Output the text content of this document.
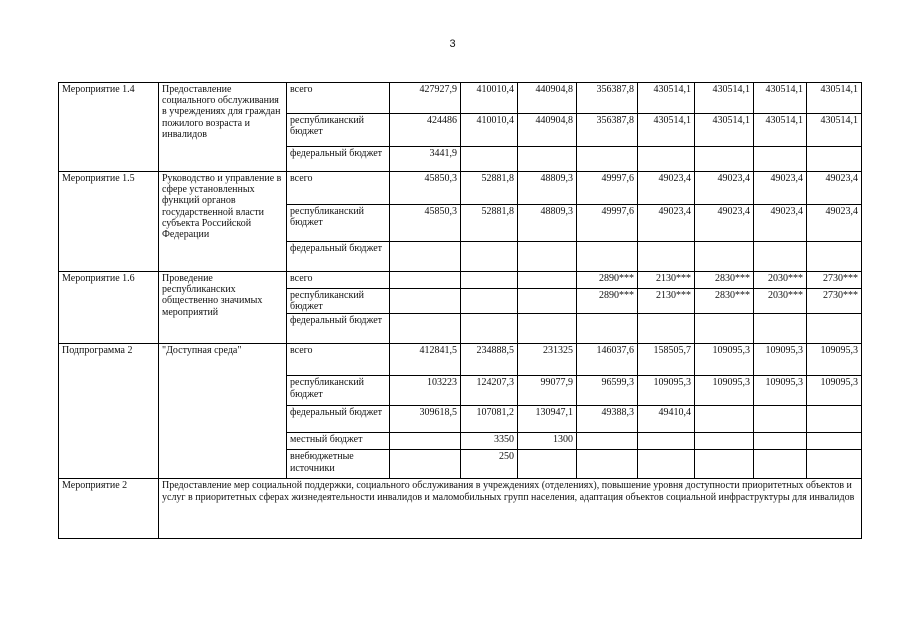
3
Мероприятие 1.4	Предоставление социального обслуживания в учреждениях для граждан пожилого возраста и инвалидов	всего	427927,9	410010,4	440904,8	356387,8	430514,1	430514,1	430514,1	430514,1
		республиканский бюджет	424486	410010,4	440904,8	356387,8	430514,1	430514,1	430514,1	430514,1
		федеральный бюджет	3441,9							
Мероприятие 1.5	Руководство и управление в сфере установленных функций органов государственной власти субъекта Российской Федерации	всего	45850,3	52881,8	48809,3	49997,6	49023,4	49023,4	49023,4	49023,4
		республиканский бюджет	45850,3	52881,8	48809,3	49997,6	49023,4	49023,4	49023,4	49023,4
		федеральный бюджет								
Мероприятие 1.6	Проведение республиканских общественно значимых мероприятий	всего				2890***	2130***	2830***	2030***	2730***
		республиканский бюджет				2890***	2130***	2830***	2030***	2730***
		федеральный бюджет								
Подпрограмма 2	"Доступная среда"	всего	412841,5	234888,5	231325	146037,6	158505,7	109095,3	109095,3	109095,3
		республиканский бюджет	103223	124207,3	99077,9	96599,3	109095,3	109095,3	109095,3	109095,3
		федеральный бюджет	309618,5	107081,2	130947,1	49388,3	49410,4			
		местный бюджет		3350	1300					
		внебюджетные источники		250						
Мероприятие 2	Предоставление мер социальной поддержки, социального обслуживания в учреждениях (отделениях), повышение уровня доступности приоритетных объектов и услуг в приоритетных сферах жизнедеятельности инвалидов и маломобильных групп населения, адаптация объектов социальной инфраструктуры для инвалидов									
